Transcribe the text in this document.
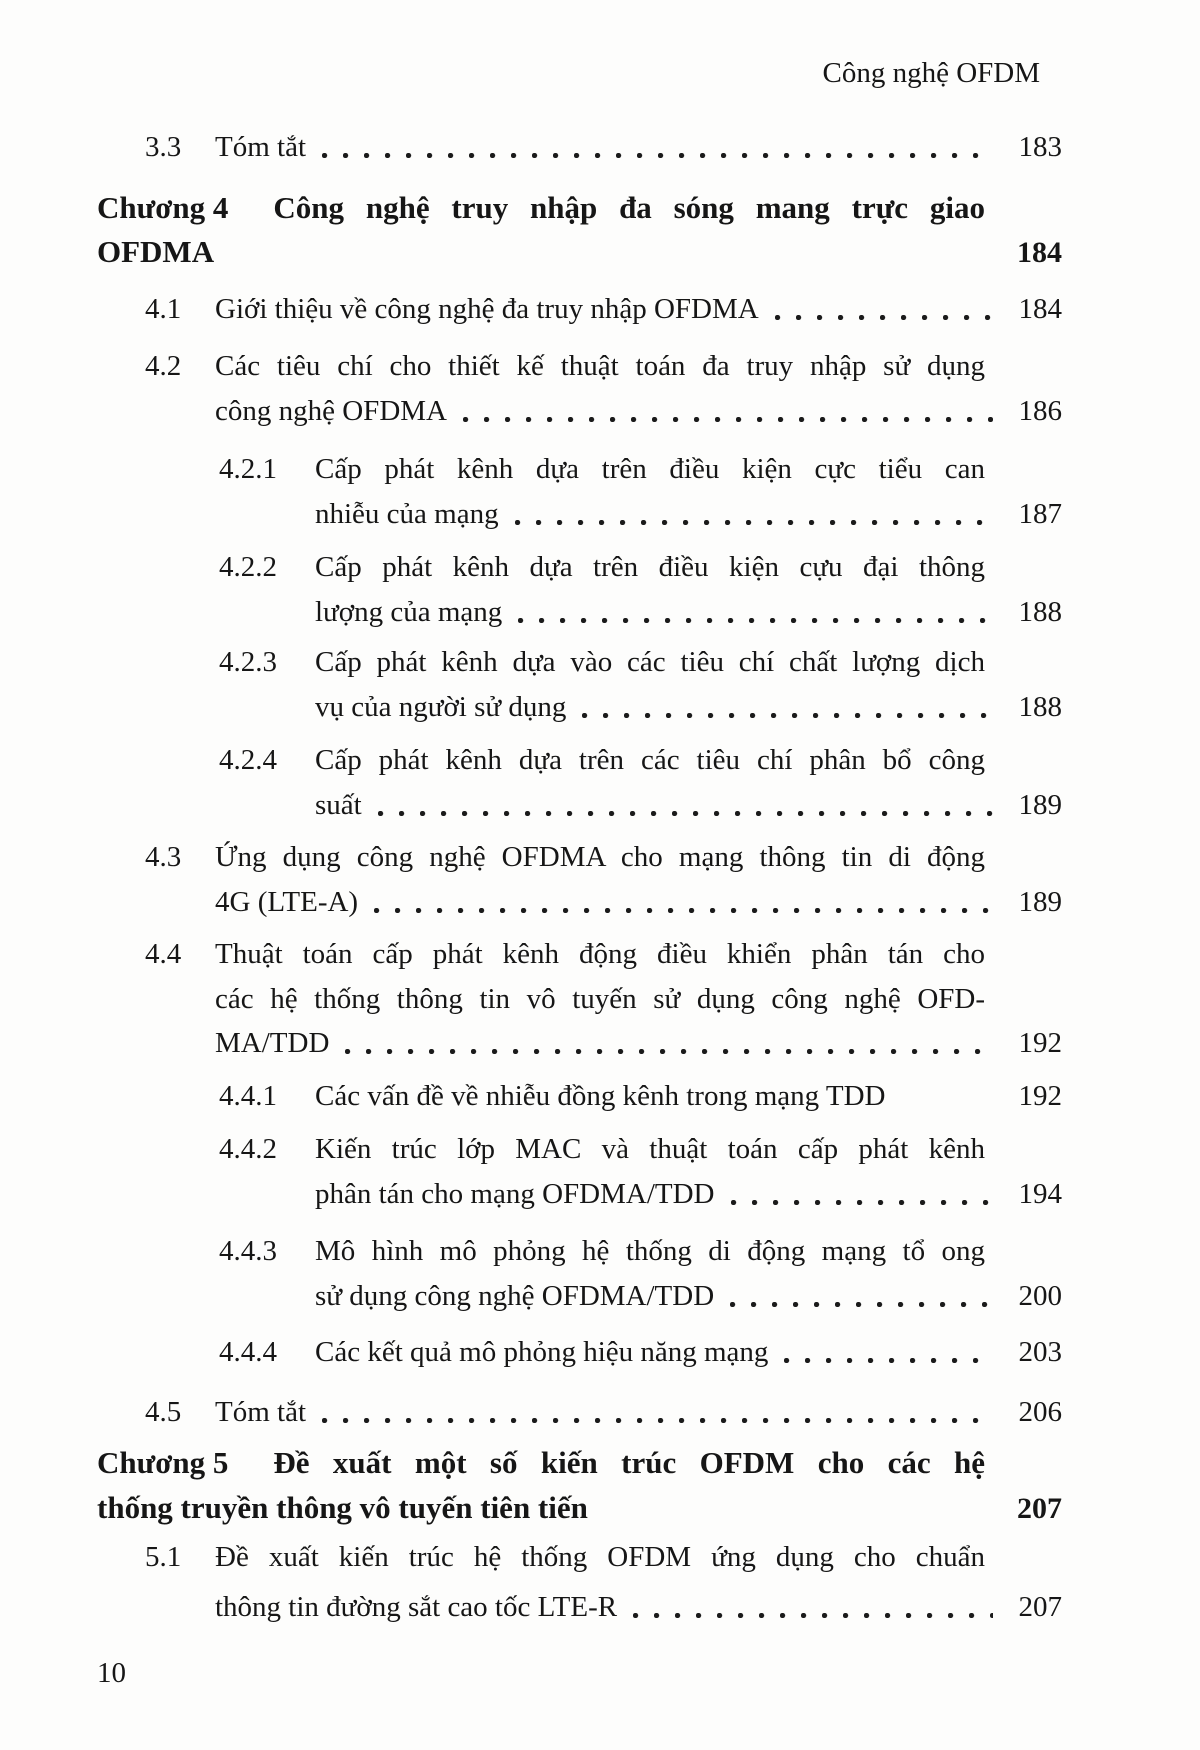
Công nghệ OFDM
3.3 Tóm tắt	183
Chương 4 Công nghệ truy nhập đa sóng mang trực giao
OFDMA	184
4.1 Giới thiệu về công nghệ đa truy nhập OFDMA	184
4.2 Các tiêu chí cho thiết kế thuật toán đa truy nhập sử dụng
công nghệ OFDMA	186
4.2.1 Cấp phát kênh dựa trên điều kiện cực tiểu can
nhiễu của mạng	187
4.2.2 Cấp phát kênh dựa trên điều kiện cựu đại thông
lượng của mạng	188
4.2.3 Cấp phát kênh dựa vào các tiêu chí chất lượng dịch
vụ của người sử dụng	188
4.2.4 Cấp phát kênh dựa trên các tiêu chí phân bổ công
suất	189
4.3 Ứng dụng công nghệ OFDMA cho mạng thông tin di động
4G (LTE-A)	189
4.4 Thuật toán cấp phát kênh động điều khiển phân tán cho
các hệ thống thông tin vô tuyến sử dụng công nghệ OFD-
MA/TDD	192
4.4.1 Các vấn đề về nhiễu đồng kênh trong mạng TDD	192
4.4.2 Kiến trúc lớp MAC và thuật toán cấp phát kênh
phân tán cho mạng OFDMA/TDD	194
4.4.3 Mô hình mô phỏng hệ thống di động mạng tổ ong
sử dụng công nghệ OFDMA/TDD	200
4.4.4 Các kết quả mô phỏng hiệu năng mạng	203
4.5 Tóm tắt	206
Chương 5 Đề xuất một số kiến trúc OFDM cho các hệ
thống truyền thông vô tuyến tiên tiến	207
5.1 Đề xuất kiến trúc hệ thống OFDM ứng dụng cho chuẩn
thông tin đường sắt cao tốc LTE-R	207
10
